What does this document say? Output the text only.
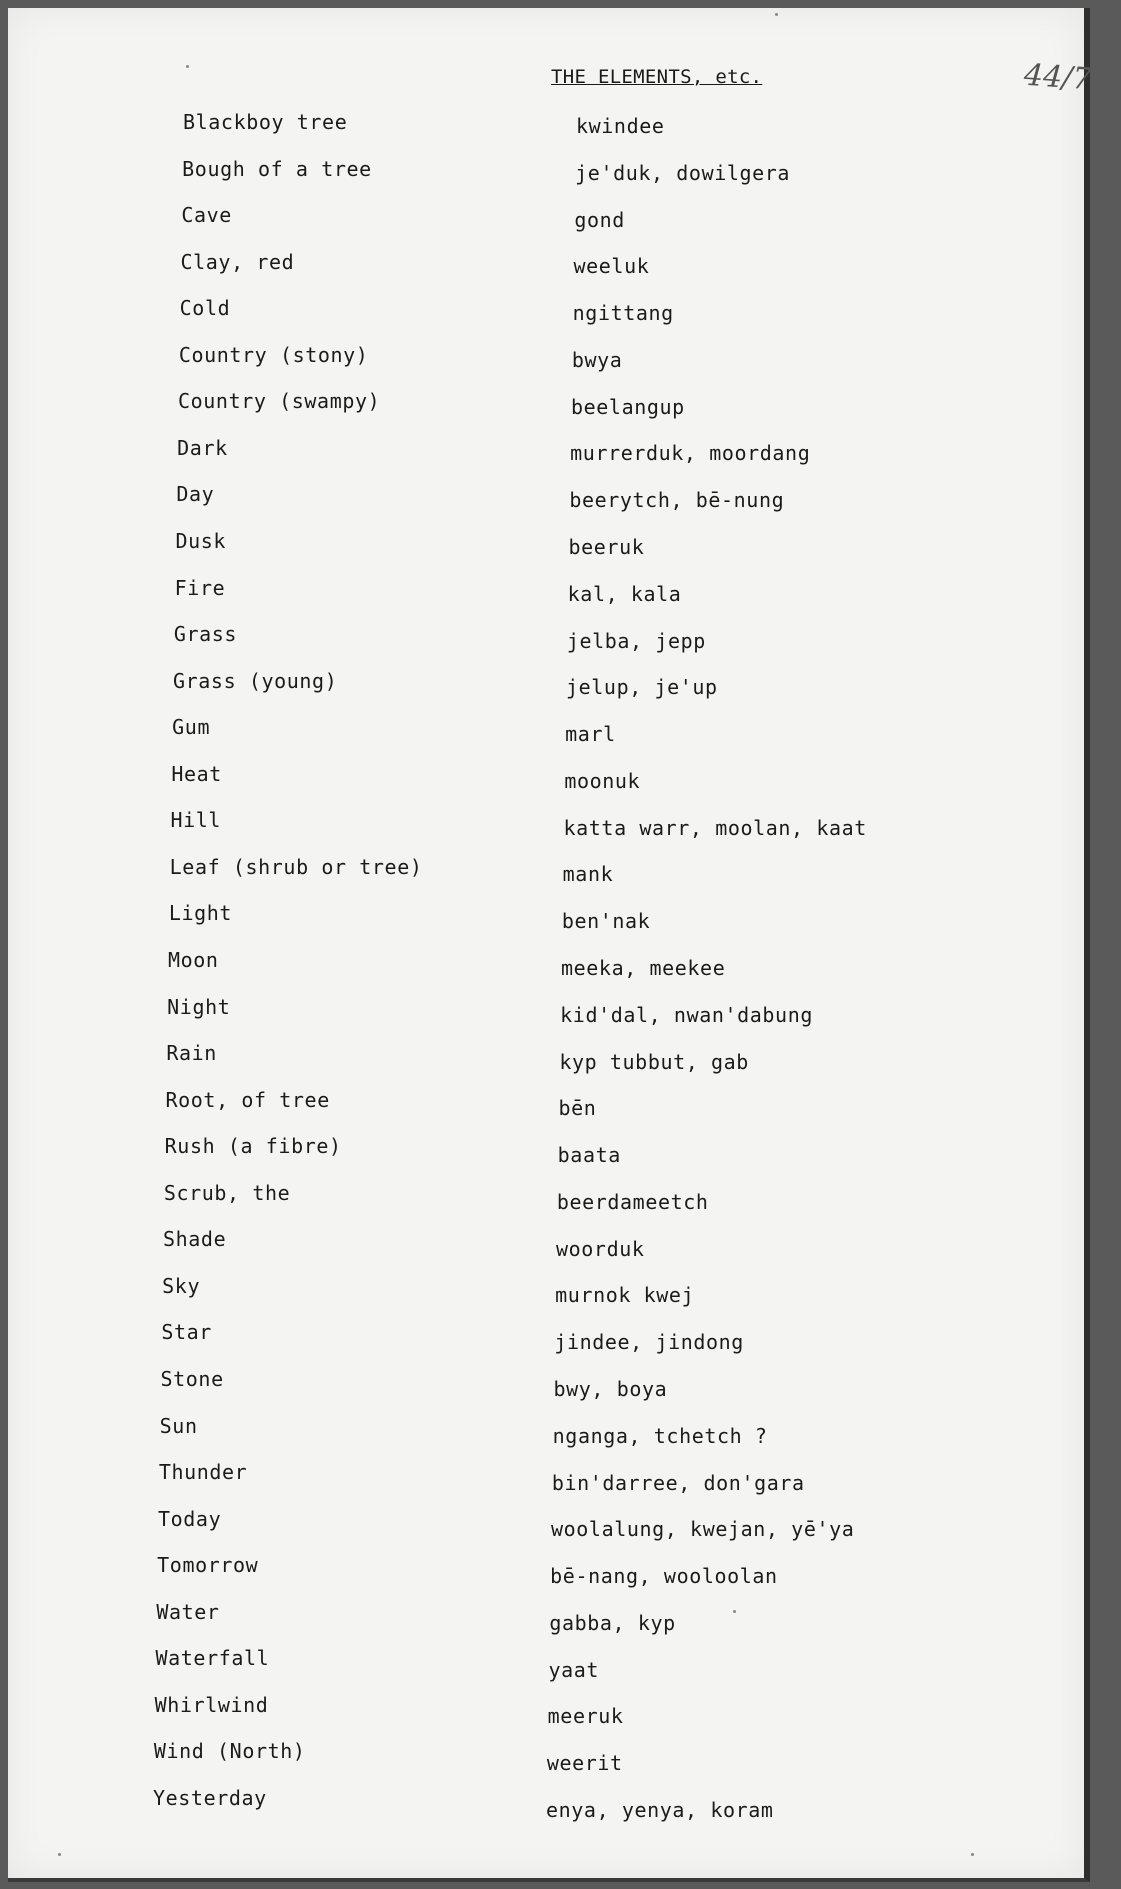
THE ELEMENTS, etc.	44/7
Blackboy tree	kwindee
Bough of a tree	je'duk, dowilgera
Cave	gond
Clay, red	weeluk
Cold	ngittang
Country (stony)	bwya
Country (swampy)	beelangup
Dark	murrerduk, moordang
Day	beerytch, bē-nung
Dusk	beeruk
Fire	kal, kala
Grass	jelba, jepp
Grass (young)	jelup, je'up
Gum	marl
Heat	moonuk
Hill	katta warr, moolan, kaat
Leaf (shrub or tree)	mank
Light	ben'nak
Moon	meeka, meekee
Night	kid'dal, nwan'dabung
Rain	kyp tubbut, gab
Root, of tree	bēn
Rush (a fibre)	baata
Scrub, the	beerdameetch
Shade	woorduk
Sky	murnok kwej
Star	jindee, jindong
Stone	bwy, boya
Sun	nganga, tchetch ?
Thunder	bin'darree, don'gara
Today	woolalung, kwejan, yē'ya
Tomorrow	bē-nang, wooloolan
Water	gabba, kyp
Waterfall	yaat
Whirlwind	meeruk
Wind (North)	weerit
Yesterday	enya, yenya, koram
